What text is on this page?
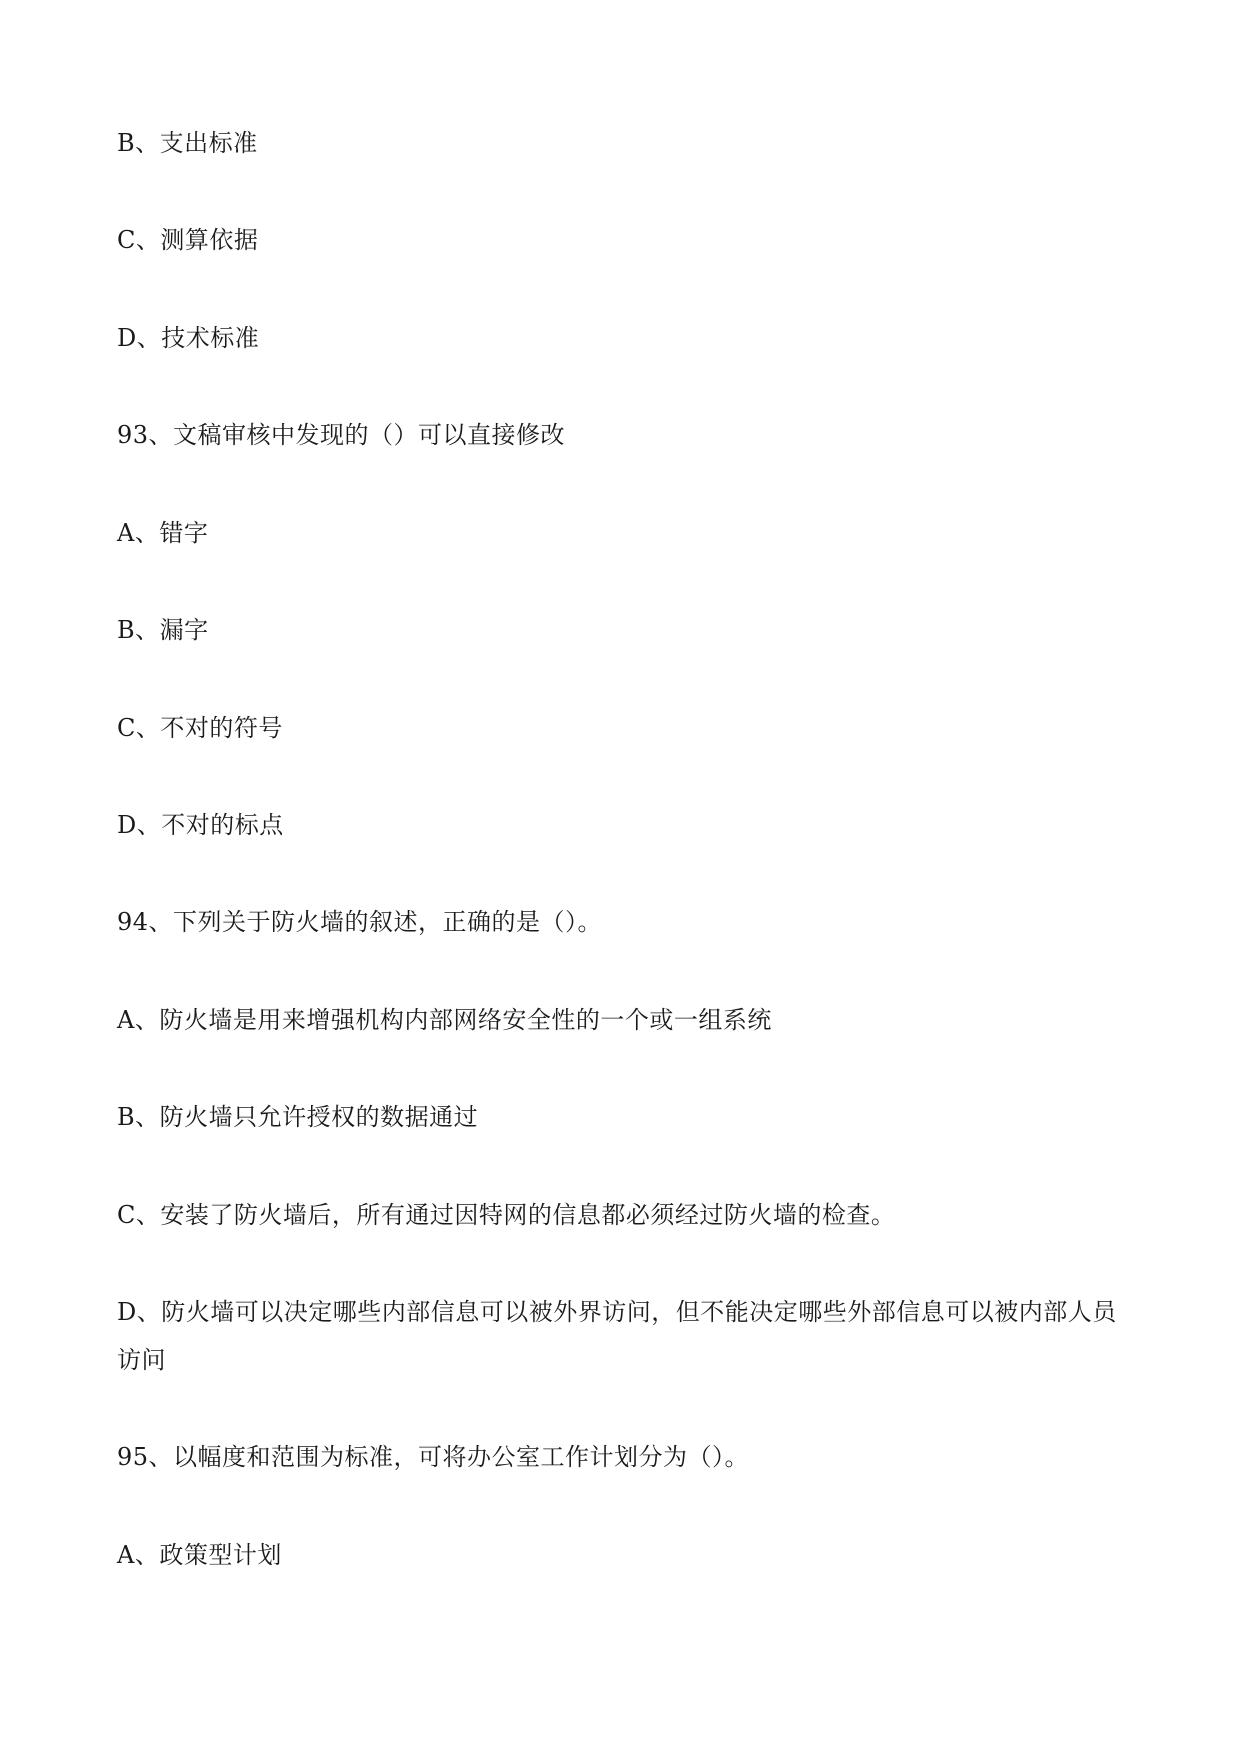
B、支出标准
C、测算依据
D、技术标准
93、文稿审核中发现的（）可以直接修改
A、错字
B、漏字
C、不对的符号
D、不对的标点
94、下列关于防火墙的叙述，正确的是（）。
A、防火墙是用来增强机构内部网络安全性的一个或一组系统
B、防火墙只允许授权的数据通过
C、安装了防火墙后，所有通过因特网的信息都必须经过防火墙的检查。
D、防火墙可以决定哪些内部信息可以被外界访问，但不能决定哪些外部信息可以被内部人员
访问
95、以幅度和范围为标准，可将办公室工作计划分为（）。
A、政策型计划
